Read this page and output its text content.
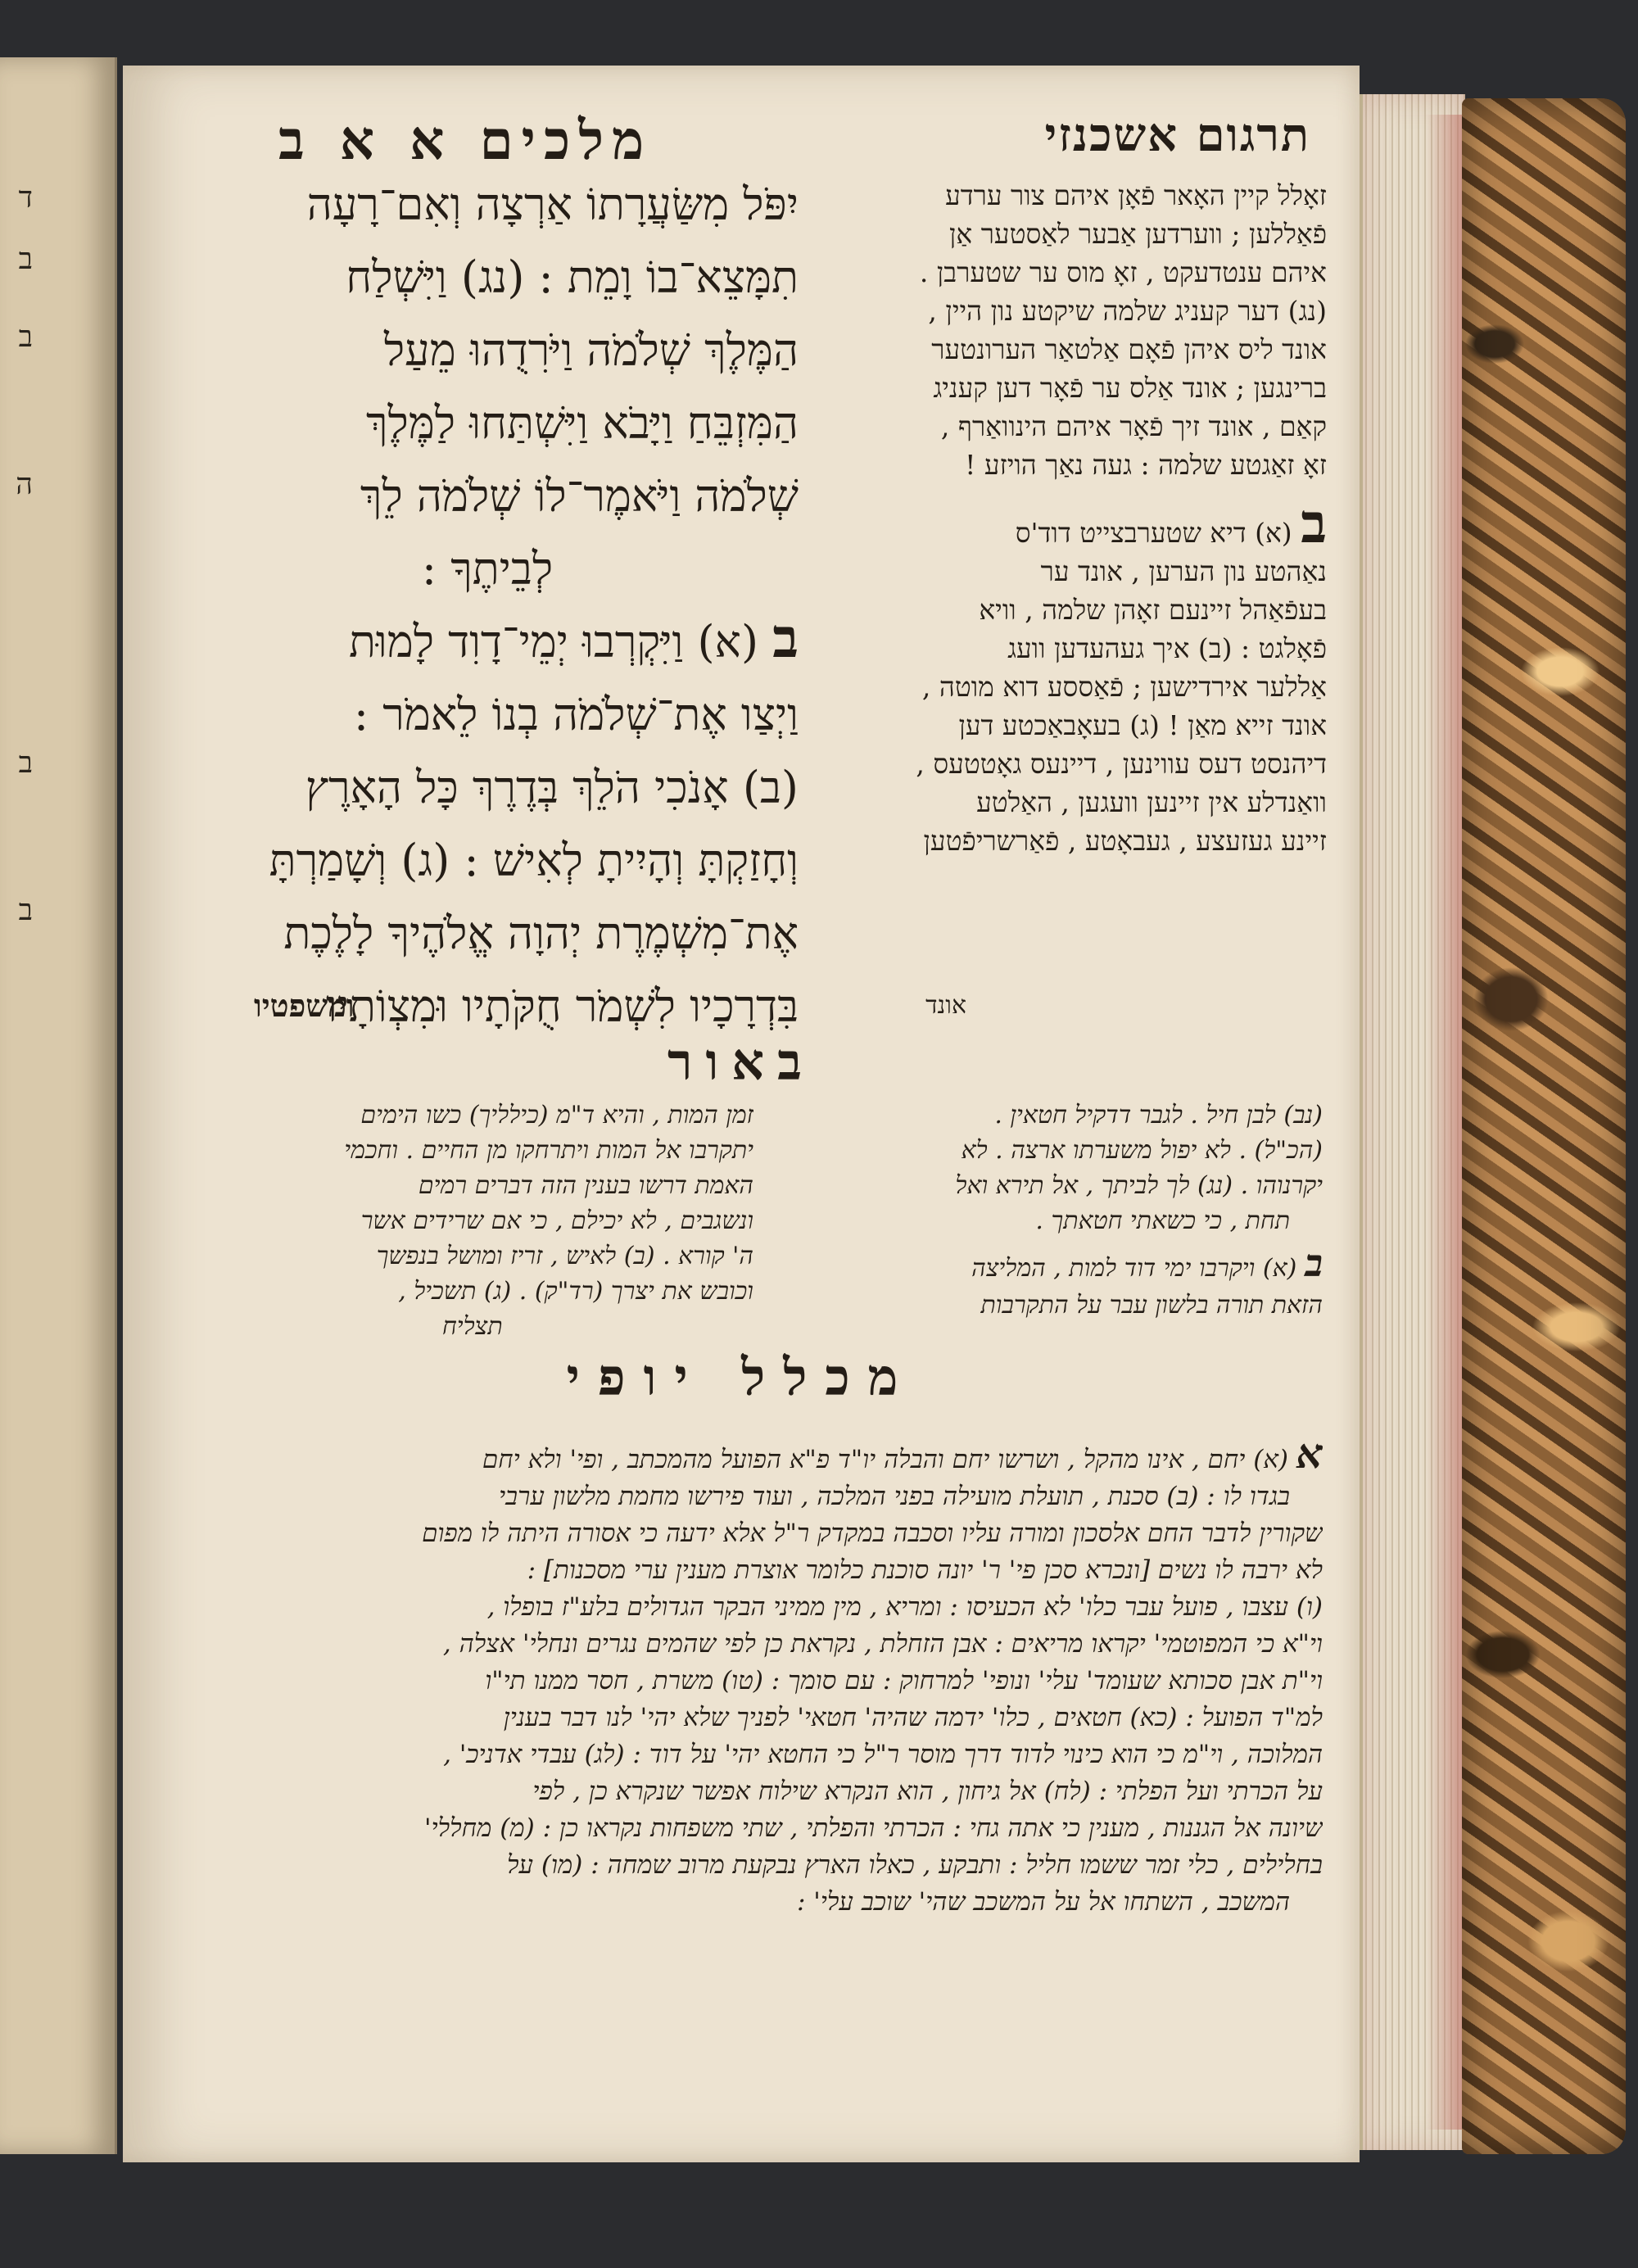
ד
ב
ב
ה
ב
ב
תרגום אשכנזי
מלכים א א ב
זאָלל קיין האָאר פֿאָן איהם צור ערדע
פֿאַללען ; ווערדען אַבער לאַסטער אַן
איהם ענטדעקט , זאָ מוס ער שטערבן .
(נג) דער קעניג שלמה שיקטע נון היין ,
אונד ליס איהן פֿאָם אַלטאַר הערונטער
ברינגען ; אונד אַלס ער פֿאָר דען קעניג
קאַם , אונד זיך פֿאָר איהם הינוואַרף ,
זאָ זאַגטע שלמה : געה נאַך הויזע !
ב (א) דיא שטערבצייט דוד'ס
נאַהטע נון הערען , אונד ער
בעפֿאַהל זיינעם זאָהן שלמה , וויא
פֿאָלגט : (ב) איך געהעדען וועג
אַללער אירדישען ; פֿאַססע דוא מוטה ,
אונד זייא מאַן ! (ג) בעאָבאַכטע דען
דיהנסט דעס עווינען , דיינעס גאָטטעס ,
וואַנדלע אין זיינען וועגען , האַלטע
זיינע געזעצע , געבאָטע , פֿאַרשריפֿטען
אונד
יִפֹּל מִשַּׂעֲרָתוֹ אַרְצָה וְאִם־רָעָה
תִמָּצֵא־בוֹ וָמֵת : (נג) וַיִּשְׁלַח
הַמֶּלֶךְ שְׁלֹמֹה וַיֹּרִדֻהוּ מֵעַל
הַמִּזְבֵּחַ וַיָּבֹא וַיִּשְׁתַּחוּ לַמֶּלֶךְ
שְׁלֹמֹה וַיֹּאמֶר־לוֹ שְׁלֹמֹה לֵךְ
לְבֵיתֶךָ :
ב (א) וַיִּקְרְבוּ יְמֵי־דָוִד לָמוּת
וַיְצַו אֶת־שְׁלֹמֹה בְנוֹ לֵאמֹר :
(ב) אָנֹכִי הֹלֵךְ בְּדֶרֶךְ כָּל הָאָרֶץ
וְחָזַקְתָּ וְהָיִיתָ לְאִישׁ : (ג) וְשָׁמַרְתָּ
אֶת־מִשְׁמֶרֶת יְהוָה אֱלֹהֶיךָ לָלֶכֶת
בִּדְרָכָיו לִשְׁמֹר חֻקֹּתָיו וּמִצְוֹתָיו
ומשפטיו
באור
(נב) לבן חיל . לגבר דדקיל חטאין .
(הכ"ל) . לא יפול משערתו ארצה . לא
יקרנוהו . (נג) לך לביתך , אל תירא ואל
תחת , כי כשאתי חטאתך .
ב (א) ויקרבו ימי דוד למות , המליצה
הזאת תורה בלשון עבר על התקרבות
זמן המות , והיא ד"מ (כילליך) כשו הימים
יתקרבו אל המות ויתרחקו מן החיים . וחכמי
האמת דרשו בענין הזה דברים רמים
ונשגבים , לא יכילם , כי אם שרידים אשר
ה' קורא . (ב) לאיש , זריז ומושל בנפשך
וכובש את יצרך (רד"ק) . (ג) תשכיל ,
תצליח
מכלל יופי
א (א) יחם , אינו מהקל , ושרשו יחם והבלה יו"ד פ"א הפועל מהמכתב , ופי' ולא יחם
בגדו לו : (ב) סכנת , תועלת מועילה בפני המלכה , ועוד פירשו מחמת מלשון ערבי
שקורין לדבר החם אלסכון ומורה עליו וסכבה במקדק ר"ל אלא ידעה כי אסורה היתה לו מפום
לא ירבה לו נשים [ונכרא סכן פי' ר' יונה סוכנת כלומר אוצרת מענין ערי מסכנות] :
(ו) עצבו , פועל עבר כלו' לא הכעיסו : ומריא , מין ממיני הבקר הגדולים בלע"ז בופלו ,
וי"א כי המפוטמי' יקראו מריאים : אבן הזחלת , נקראת כן לפי שהמים נגרים ונחלי' אצלה ,
וי"ת אבן סכותא שעומד' עלי' ונופי' למרחוק : עם סומך : (טו) משרת , חסר ממנו תי"ו
למ"ד הפועל : (כא) חטאים , כלו' ידמה שהיה' חטאי' לפניך שלא יהי' לנו דבר בענין
המלוכה , וי"מ כי הוא כינוי לדוד דרך מוסר ר"ל כי החטא יהי' על דוד : (לג) עבדי אדניכ' ,
על הכרתי ועל הפלתי : (לח) אל גיחון , הוא הנקרא שילוח אפשר שנקרא כן , לפי
שיונה אל הגננות , מענין כי אתה גחי : הכרתי והפלתי , שתי משפחות נקראו כן : (מ) מחללי'
בחלילים , כלי זמר ששמו חליל : ותבקע , כאלו הארץ נבקעת מרוב שמחה : (מו) על
המשכב , השתחו אל על המשכב שהי' שוכב עלי' :
